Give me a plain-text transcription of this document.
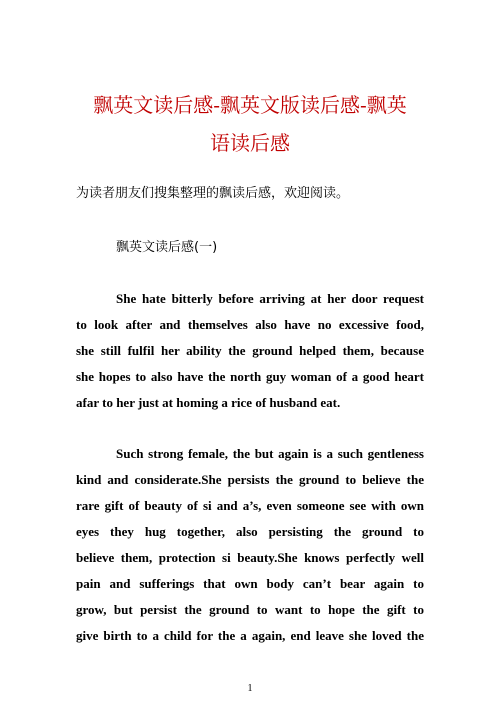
飘英文读后感-飘英文版读后感-飘英
语读后感

为读者朋友们搜集整理的飘读后感，欢迎阅读。

飘英文读后感(一)

She hate bitterly before arriving at her door request
to look after and themselves also have no excessive food,
she still fulfil her ability the ground helped them, because
she hopes to also have the north guy woman of a good heart
afar to her just at homing a rice of husband eat.
Such strong female, the but again is a such gentleness
kind and considerate.She persists the ground to believe the
rare gift of beauty of si and a’s, even someone see with own
eyes they hug together, also persisting the ground to
believe them, protection si beauty.She knows perfectly well
pain and sufferings that own body can’t bear again to
grow, but persist the ground to want to hope the gift to
give birth to a child for the a again, end leave she loved the
1
